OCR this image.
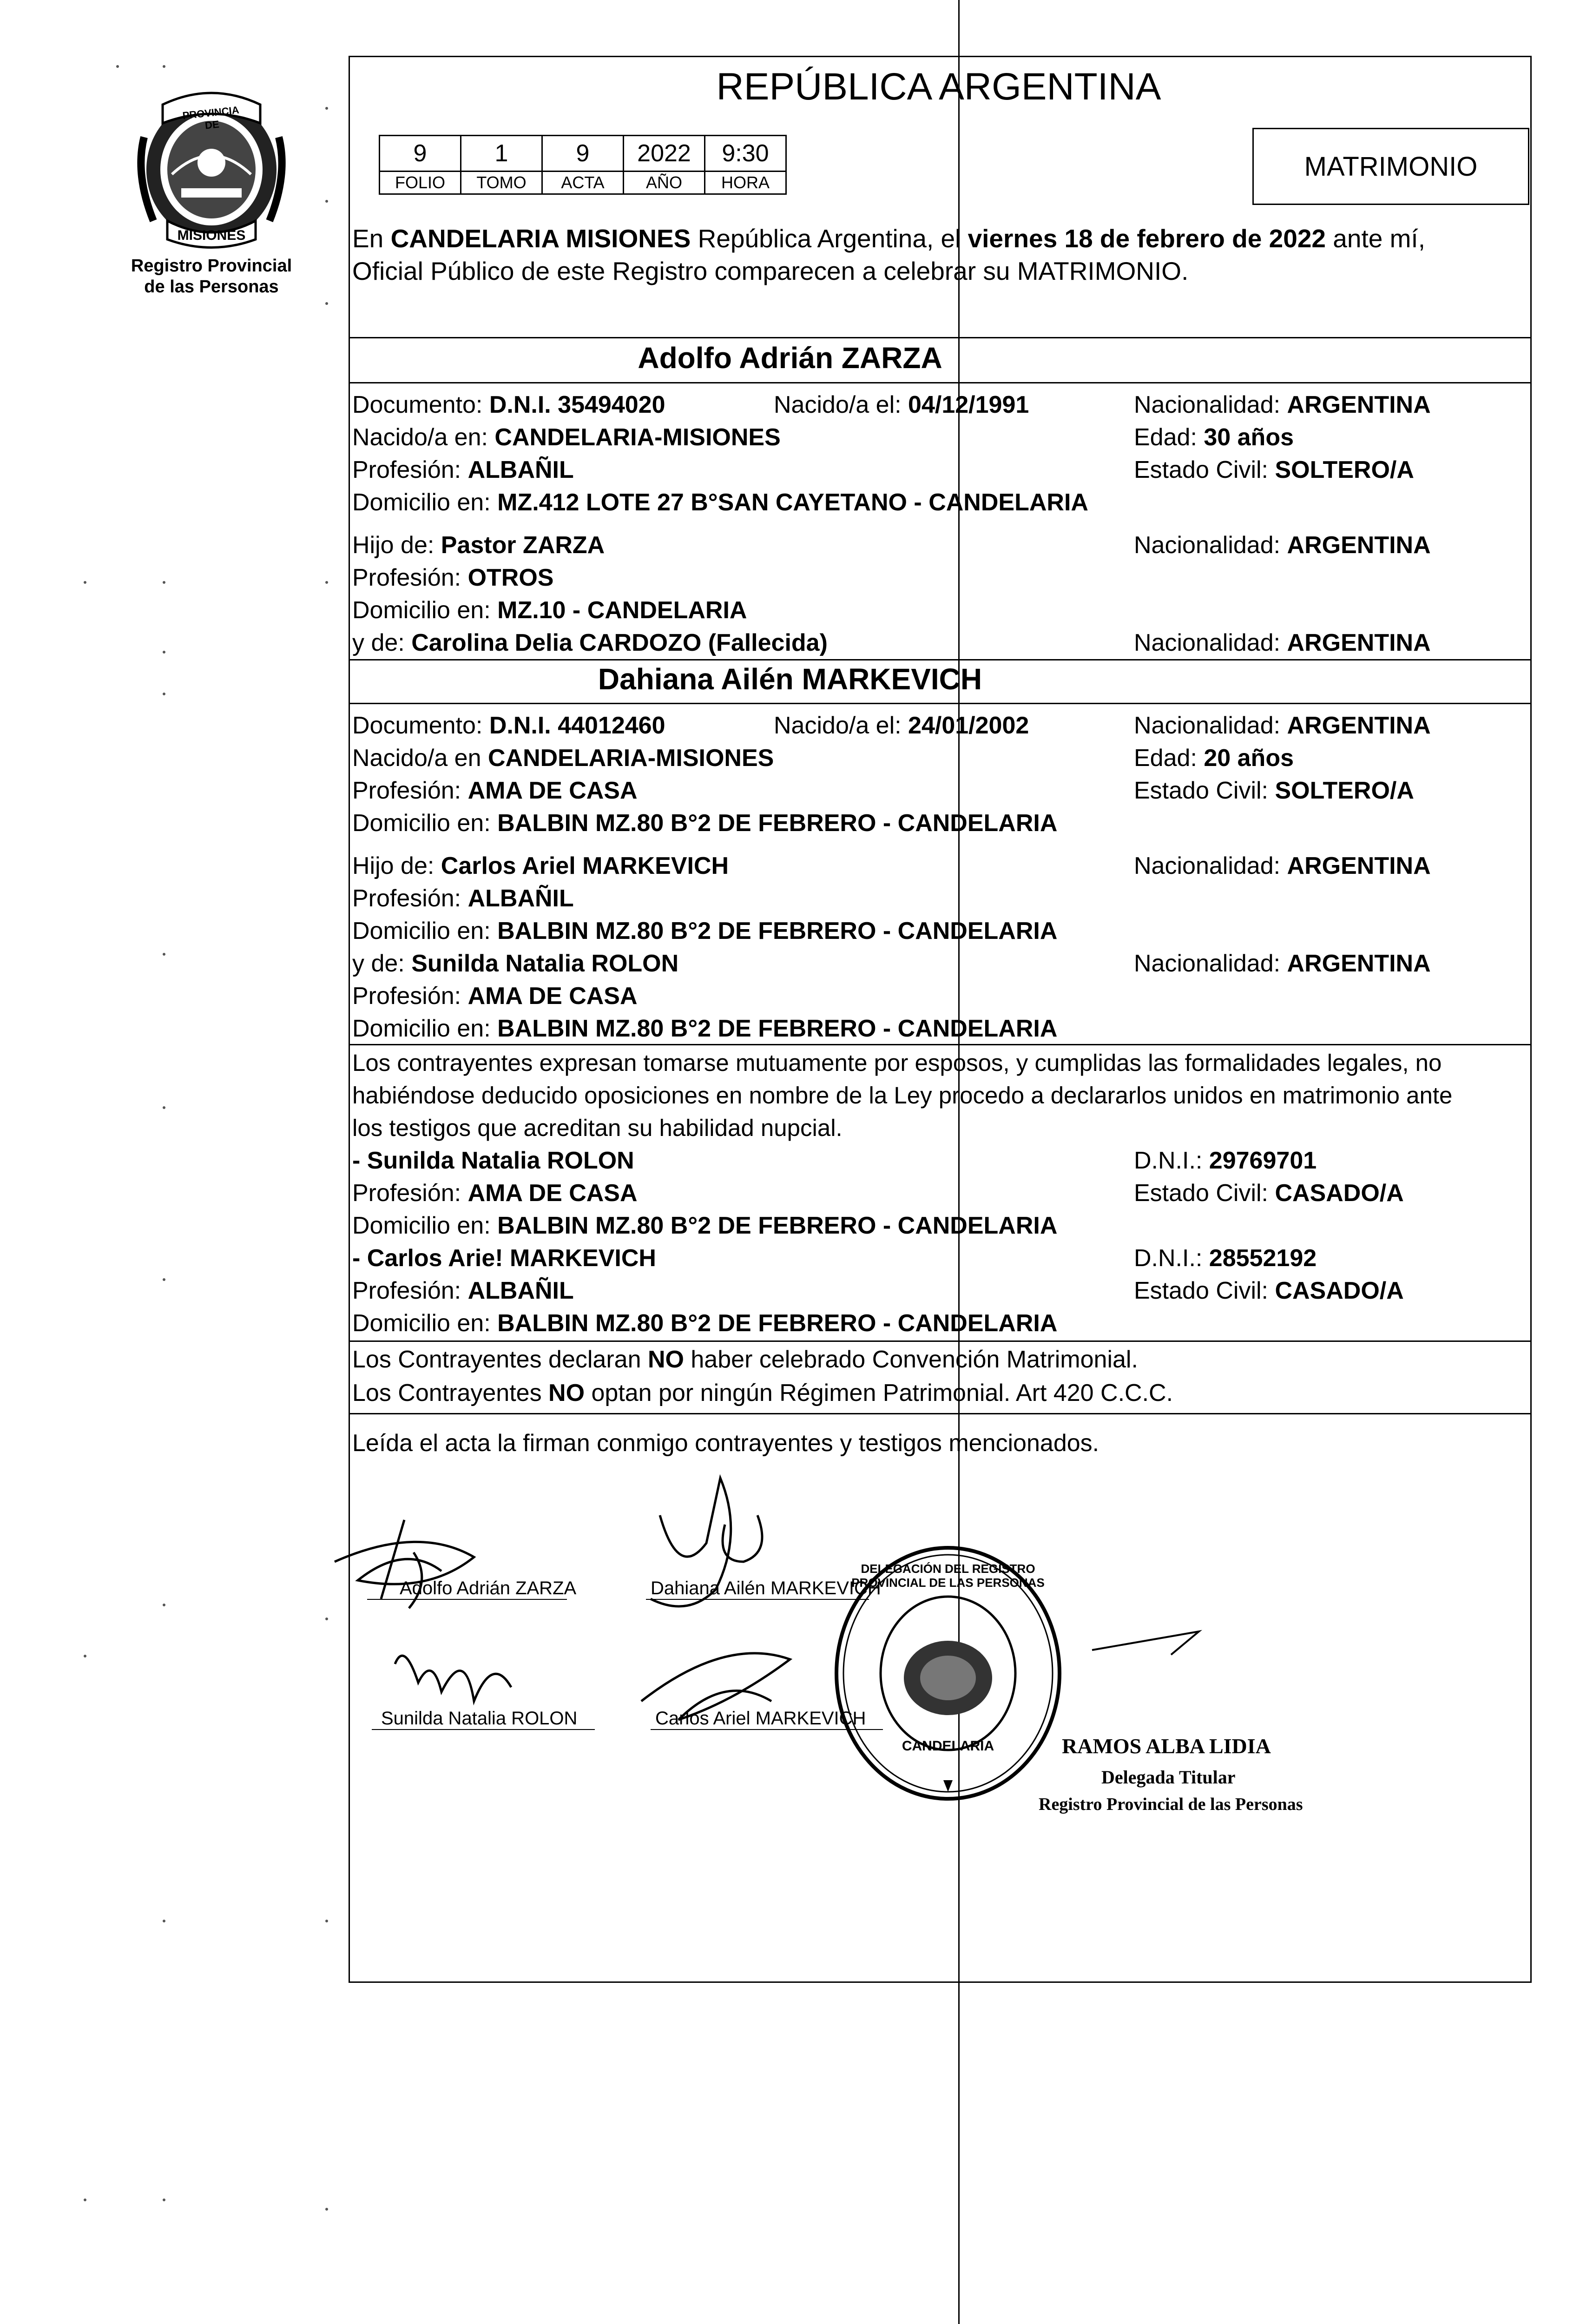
PROVINCIA DE
MISIONES
Registro Provincial
de las Personas
REPÚBLICA ARGENTINA
9	1	9	2022	9:30
FOLIO	TOMO	ACTA	AÑO	HORA
MATRIMONIO
En CANDELARIA MISIONES República Argentina, el viernes 18 de febrero de 2022 ante mí,
Oficial Público de este Registro comparecen a celebrar su MATRIMONIO.
Adolfo Adrián ZARZA
Documento: D.N.I. 35494020	Nacido/a el: 04/12/1991	Nacionalidad: ARGENTINA
Nacido/a en: CANDELARIA-MISIONES	Edad: 30 años
Profesión: ALBAÑIL	Estado Civil: SOLTERO/A
Domicilio en: MZ.412 LOTE 27 B°SAN CAYETANO - CANDELARIA
Hijo de: Pastor ZARZA	Nacionalidad: ARGENTINA
Profesión: OTROS
Domicilio en: MZ.10 - CANDELARIA
y de: Carolina Delia CARDOZO (Fallecida)	Nacionalidad: ARGENTINA
Dahiana Ailén MARKEVICH
Documento: D.N.I. 44012460	Nacido/a el: 24/01/2002	Nacionalidad: ARGENTINA
Nacido/a en CANDELARIA-MISIONES	Edad: 20 años
Profesión: AMA DE CASA	Estado Civil: SOLTERO/A
Domicilio en: BALBIN MZ.80 B°2 DE FEBRERO - CANDELARIA
Hijo de: Carlos Ariel MARKEVICH	Nacionalidad: ARGENTINA
Profesión: ALBAÑIL
Domicilio en: BALBIN MZ.80 B°2 DE FEBRERO - CANDELARIA
y de: Sunilda Natalia ROLON	Nacionalidad: ARGENTINA
Profesión: AMA DE CASA
Domicilio en: BALBIN MZ.80 B°2 DE FEBRERO - CANDELARIA
Los contrayentes expresan tomarse mutuamente por esposos, y cumplidas las formalidades legales, no
habiéndose deducido oposiciones en nombre de la Ley procedo a declararlos unidos en matrimonio ante
los testigos que acreditan su habilidad nupcial.
- Sunilda Natalia ROLON	D.N.I.: 29769701
Profesión: AMA DE CASA	Estado Civil: CASADO/A
Domicilio en: BALBIN MZ.80 B°2 DE FEBRERO - CANDELARIA
- Carlos Arie! MARKEVICH	D.N.I.: 28552192
Profesión: ALBAÑIL	Estado Civil: CASADO/A
Domicilio en: BALBIN MZ.80 B°2 DE FEBRERO - CANDELARIA
Los Contrayentes declaran NO haber celebrado Convención Matrimonial.
Los Contrayentes NO optan por ningún Régimen Patrimonial. Art 420 C.C.C.
Leída el acta la firman conmigo contrayentes y testigos mencionados.
Adolfo Adrián ZARZA	Dahiana Ailén MARKEVICH
Sunilda Natalia ROLON	Carlos Ariel MARKEVICH
DELEGACIÓN DEL REGISTRO PROVINCIAL DE LAS PERSONAS
CANDELARIA	RAMOS ALBA LIDIA
Delegada Titular
Registro Provincial de las Personas
